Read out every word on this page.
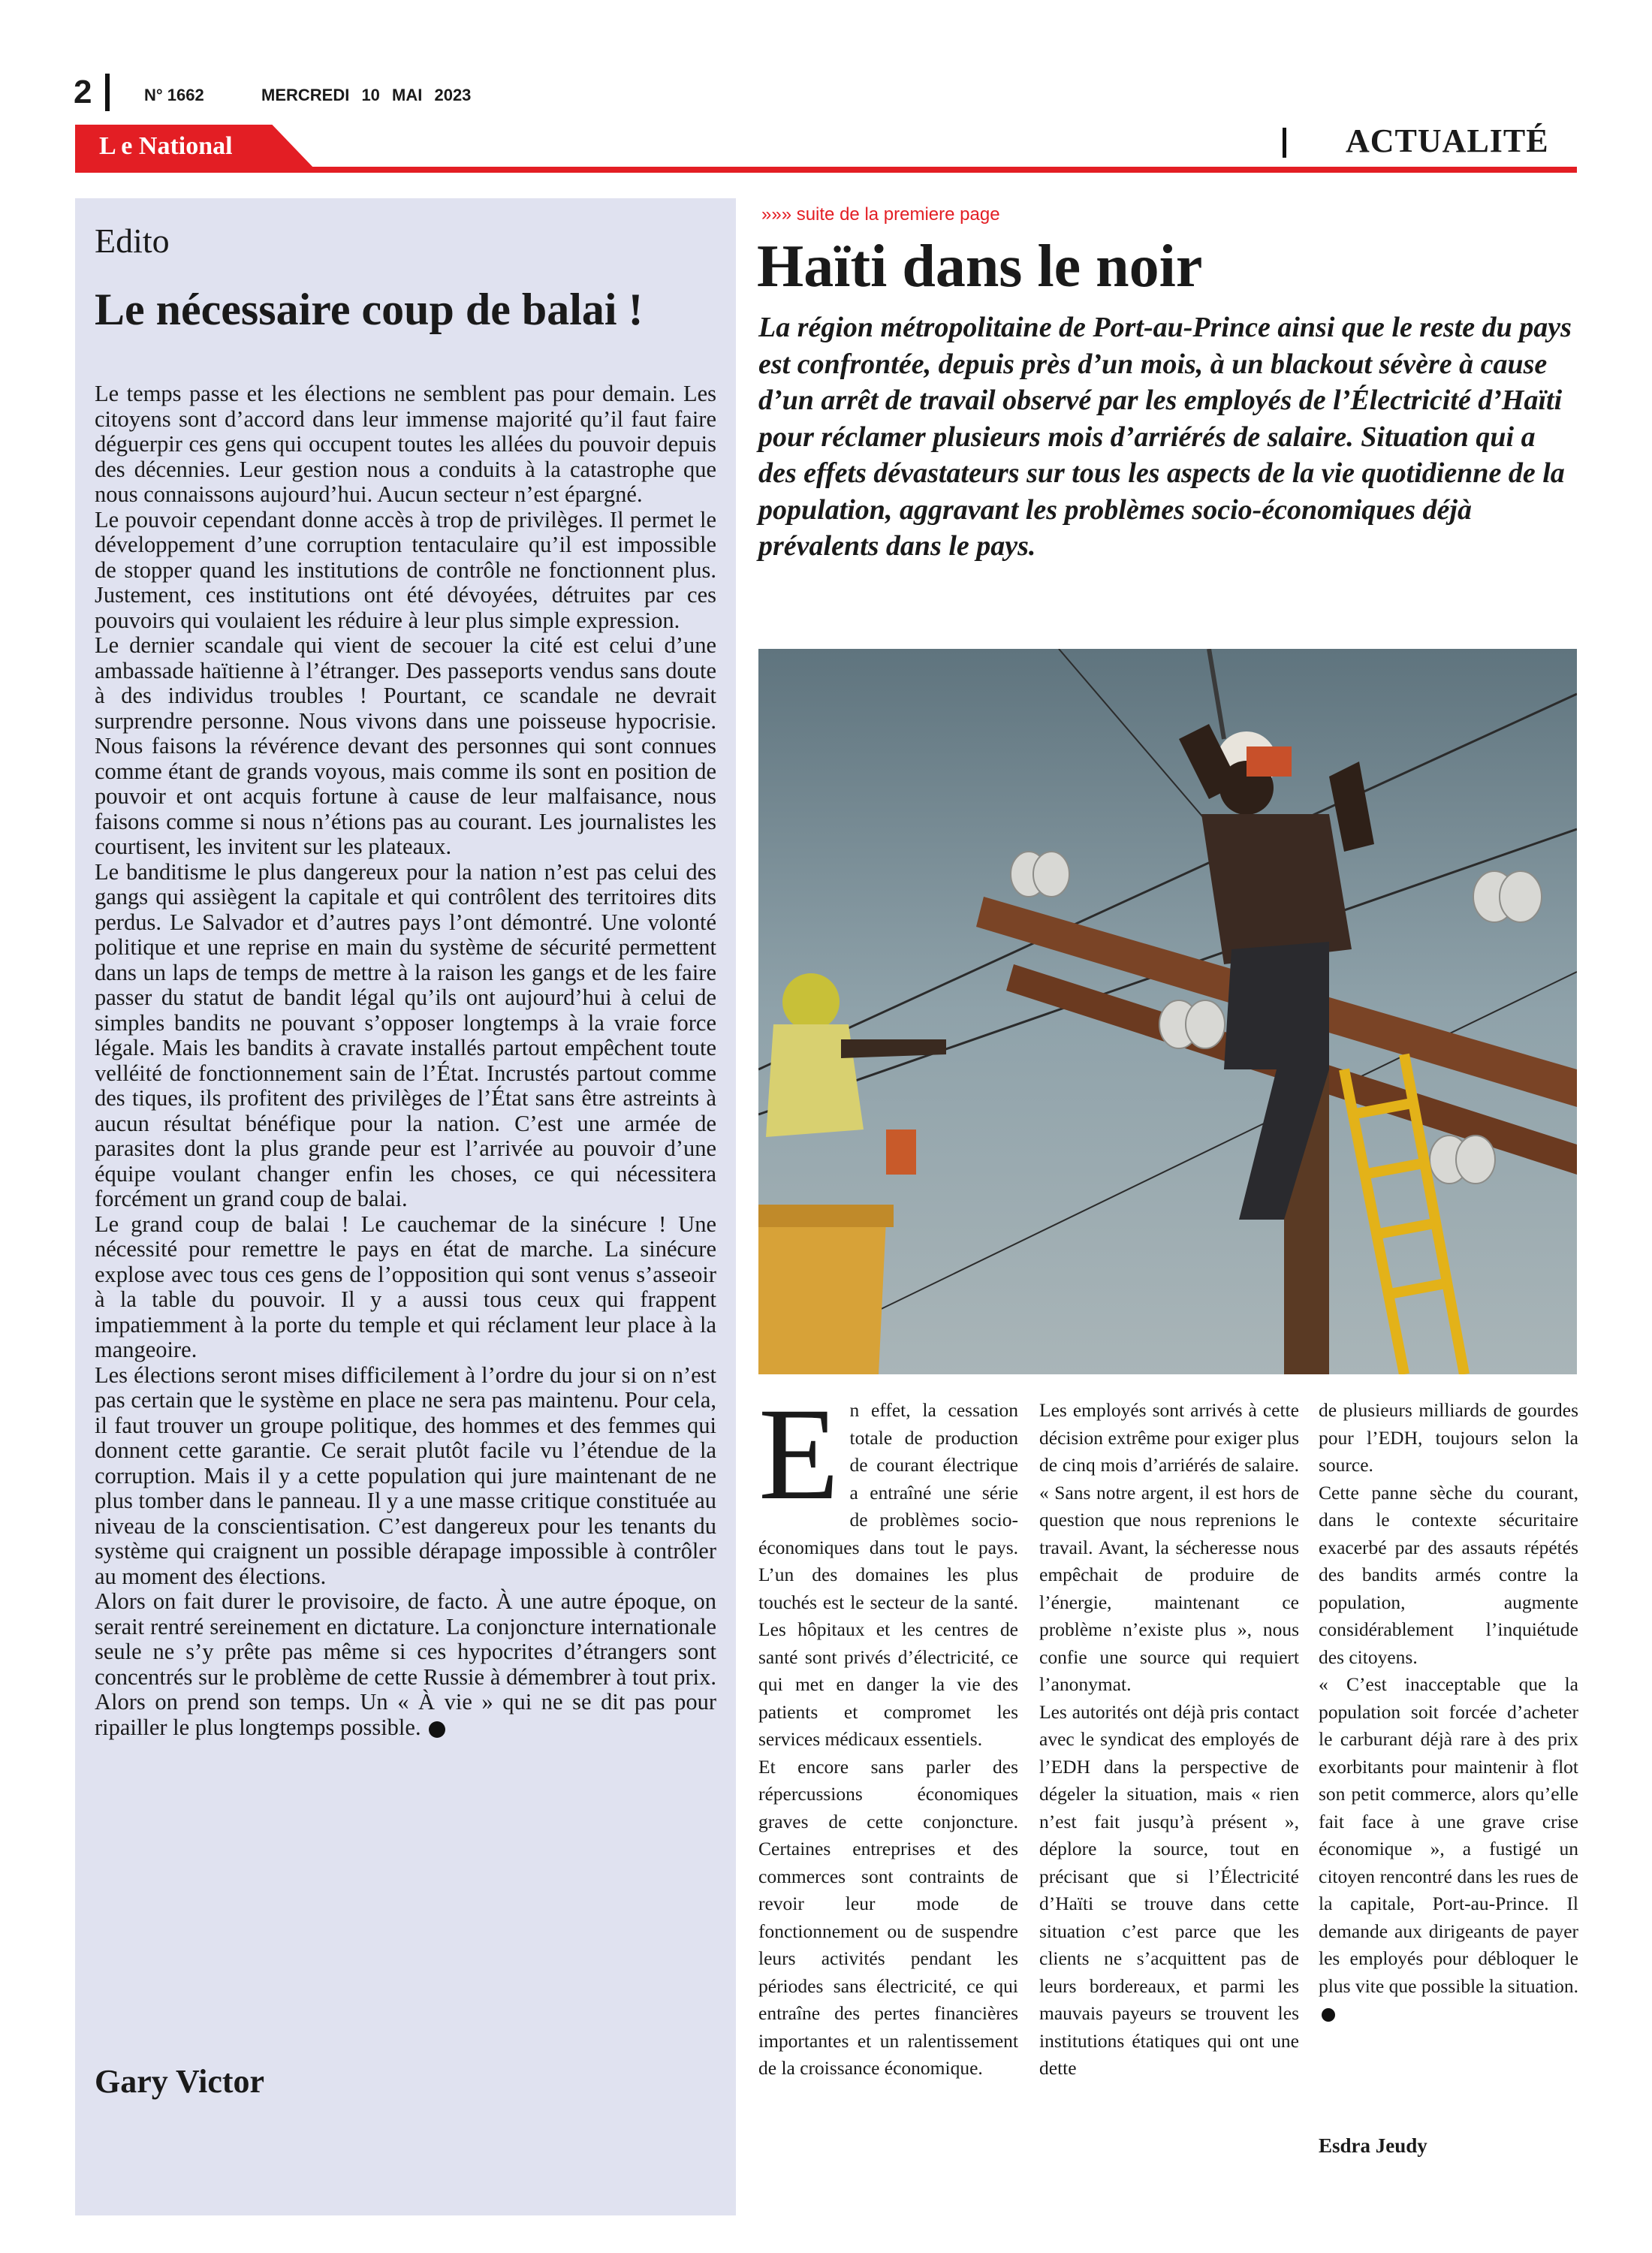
2	N° 1662	MERCREDI 10 MAI 2023
L e National	ACTUALITÉ
Edito
Le nécessaire coup de balai !

Le temps passe et les élections ne semblent pas pour demain. Les citoyens sont d’accord dans leur immense majorité qu’il faut faire déguerpir ces gens qui occupent toutes les allées du pouvoir depuis des décennies. Leur gestion nous a conduits à la catastrophe que nous connaissons aujourd’hui. Aucun secteur n’est épargné.

Le pouvoir cependant donne accès à trop de privilèges. Il permet le développement d’une corruption tentaculaire qu’il est impossible de stopper quand les institutions de contrôle ne fonctionnent plus. Justement, ces institutions ont été dévoyées, détruites par ces pouvoirs qui voulaient les réduire à leur plus simple expression.

Le dernier scandale qui vient de secouer la cité est celui d’une ambassade haïtienne à l’étranger. Des passeports vendus sans doute à des individus troubles ! Pourtant, ce scandale ne devrait surprendre personne. Nous vivons dans une poisseuse hypocrisie. Nous faisons la révérence devant des personnes qui sont connues comme étant de grands voyous, mais comme ils sont en position de pouvoir et ont acquis fortune à cause de leur malfaisance, nous faisons comme si nous n’étions pas au courant. Les journalistes les courtisent, les invitent sur les plateaux.

Le banditisme le plus dangereux pour la nation n’est pas celui des gangs qui assiègent la capitale et qui contrôlent des territoires dits perdus. Le Salvador et d’autres pays l’ont démontré. Une volonté politique et une reprise en main du système de sécurité permettent dans un laps de temps de mettre à la raison les gangs et de les faire passer du statut de bandit légal qu’ils ont aujourd’hui à celui de simples bandits ne pouvant s’opposer longtemps à la vraie force légale. Mais les bandits à cravate installés partout empêchent toute velléité de fonctionnement sain de l’État. Incrustés partout comme des tiques, ils profitent des privilèges de l’État sans être astreints à aucun résultat bénéfique pour la nation. C’est une armée de parasites dont la plus grande peur est l’arrivée au pouvoir d’une équipe voulant changer enfin les choses, ce qui nécessitera forcément un grand coup de balai.

Le grand coup de balai ! Le cauchemar de la sinécure ! Une nécessité pour remettre le pays en état de marche. La sinécure explose avec tous ces gens de l’opposition qui sont venus s’asseoir à la table du pouvoir. Il y a aussi tous ceux qui frappent impatiemment à la porte du temple et qui réclament leur place à la mangeoire.

Les élections seront mises difficilement à l’ordre du jour si on n’est pas certain que le système en place ne sera pas maintenu. Pour cela, il faut trouver un groupe politique, des hommes et des femmes qui donnent cette garantie. Ce serait plutôt facile vu l’étendue de la corruption. Mais il y a cette population qui jure maintenant de ne plus tomber dans le panneau. Il y a une masse critique constituée au niveau de la conscientisation. C’est dangereux pour les tenants du système qui craignent un possible dérapage impossible à contrôler au moment des élections.

Alors on fait durer le provisoire, de facto. À une autre époque, on serait rentré sereinement en dictature. La conjoncture internationale seule ne s’y prête pas même si ces hypocrites d’étrangers sont concentrés sur le problème de cette Russie à démembrer à tout prix. Alors on prend son temps. Un « À vie » qui ne se dit pas pour ripailler le plus longtemps possible.

Gary Victor
»»» suite de la premiere page
Haïti dans le noir
La région métropolitaine de Port-au-Prince ainsi que le reste du pays est confrontée, depuis près d’un mois, à un blackout sévère à cause d’un arrêt de travail observé par les employés de l’Électricité d’Haïti pour réclamer plusieurs mois d’arriérés de salaire. Situation qui a des effets dévastateurs sur tous les aspects de la vie quotidienne de la population, aggravant les problèmes socio-économiques déjà prévalents dans le pays.

En effet, la cessation totale de production de courant électrique a entraîné une série de problèmes socio-économiques dans tout le pays. L’un des domaines les plus touchés est le secteur de la santé. Les hôpitaux et les centres de santé sont privés d’électricité, ce qui met en danger la vie des patients et compromet les services médicaux essentiels.

Et encore sans parler des répercussions économiques graves de cette conjoncture. Certaines entreprises et des commerces sont contraints de revoir leur mode de fonctionnement ou de suspendre leurs activités pendant les périodes sans électricité, ce qui entraîne des pertes financières importantes et un ralentissement de la croissance économique.

Les employés sont arrivés à cette décision extrême pour exiger plus de cinq mois d’arriérés de salaire. « Sans notre argent, il est hors de question que nous reprenions le travail. Avant, la sécheresse nous empêchait de produire de l’énergie, maintenant ce problème n’existe plus », nous confie une source qui requiert l’anonymat.

Les autorités ont déjà pris contact avec le syndicat des employés de l’EDH dans la perspective de dégeler la situation, mais « rien n’est fait jusqu’à présent », déplore la source, tout en précisant que si l’Électricité d’Haïti se trouve dans cette situation c’est parce que les clients ne s’acquittent pas de leurs bordereaux, et parmi les mauvais payeurs se trouvent les institutions étatiques qui ont une dette

de plusieurs milliards de gourdes pour l’EDH, toujours selon la source.

Cette panne sèche du courant, dans le contexte sécuritaire exacerbé par des assauts répétés des bandits armés contre la population, augmente considérablement l’inquiétude des citoyens.

« C’est inacceptable que la population soit forcée d’acheter le carburant déjà rare à des prix exorbitants pour maintenir à flot son petit commerce, alors qu’elle fait face à une grave crise économique », a fustigé un citoyen rencontré dans les rues de la capitale, Port-au-Prince. Il demande aux dirigeants de payer les employés pour débloquer le plus vite que possible la situation.

Esdra Jeudy
